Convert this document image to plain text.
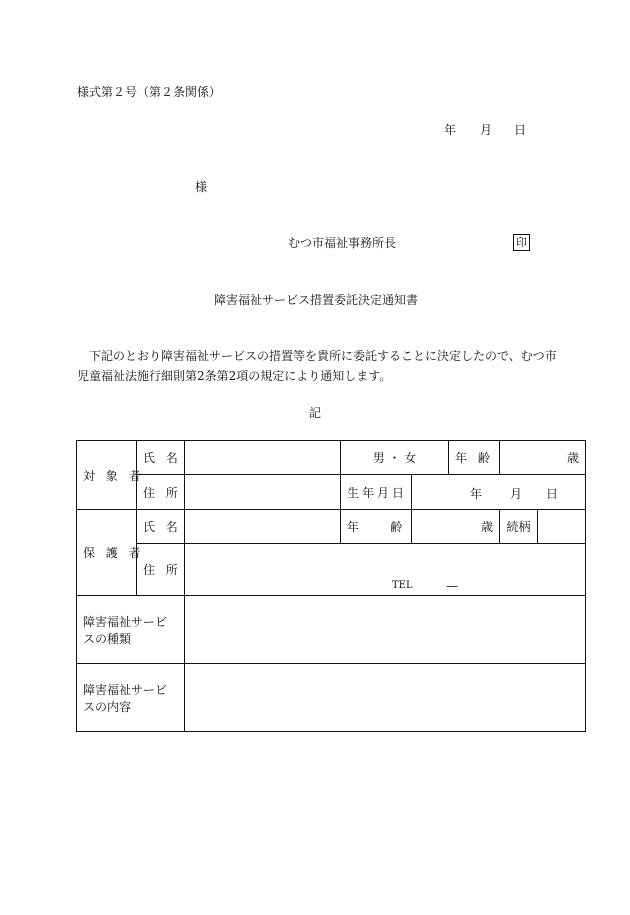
様式第２号（第２条関係）
年 月 日
様
むつ市福祉事務所長	印
障害福祉サービス措置委託決定通知書
下記のとおり障害福祉サービスの措置等を貴所に委託することに決定したので、むつ市
児童福祉法施行細則第2条第2項の規定により通知します。
記
対象者	氏名		男 ・ 女		年齢	歳	
	住所		生年月日	年 月 日			

保護者	氏名		年齢	歳		続柄	
	住所	TEL —					

障害福祉サービスの種類							
障害福祉サービスの内容							
